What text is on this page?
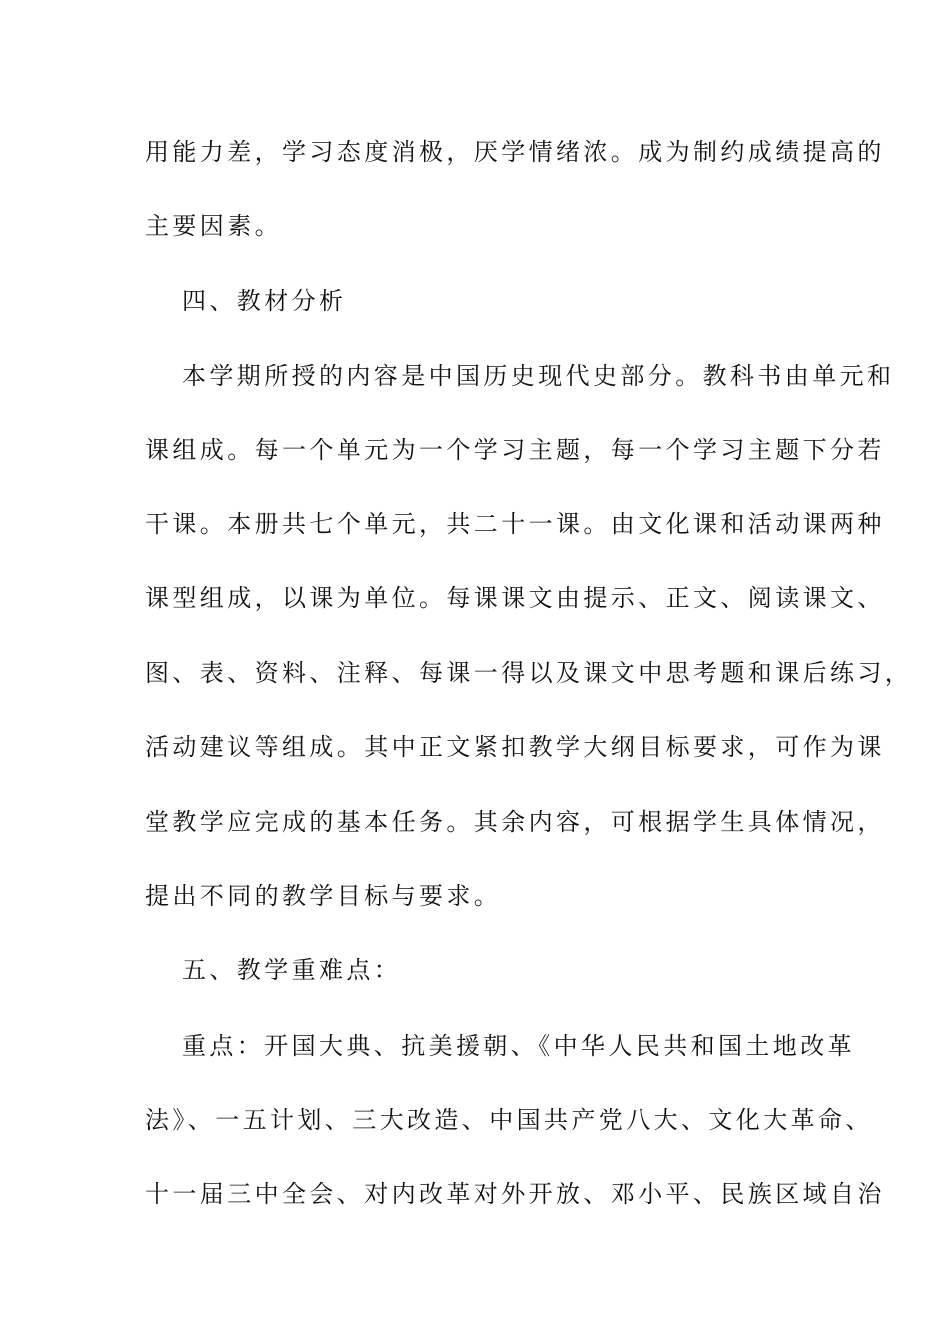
用能力差，学习态度消极，厌学情绪浓。成为制约成绩提高的
主要因素。
四、教材分析
本学期所授的内容是中国历史现代史部分。教科书由单元和
课组成。每一个单元为一个学习主题，每一个学习主题下分若
干课。本册共七个单元，共二十一课。由文化课和活动课两种
课型组成，以课为单位。每课课文由提示、正文、阅读课文、
图、表、资料、注释、每课一得以及课文中思考题和课后练习，
活动建议等组成。其中正文紧扣教学大纲目标要求，可作为课
堂教学应完成的基本任务。其余内容，可根据学生具体情况，
提出不同的教学目标与要求。
五、教学重难点：
重点：开国大典、抗美援朝、《中华人民共和国土地改革
法》、一五计划、三大改造、中国共产党八大、文化大革命、
十一届三中全会、对内改革对外开放、邓小平、民族区域自治
